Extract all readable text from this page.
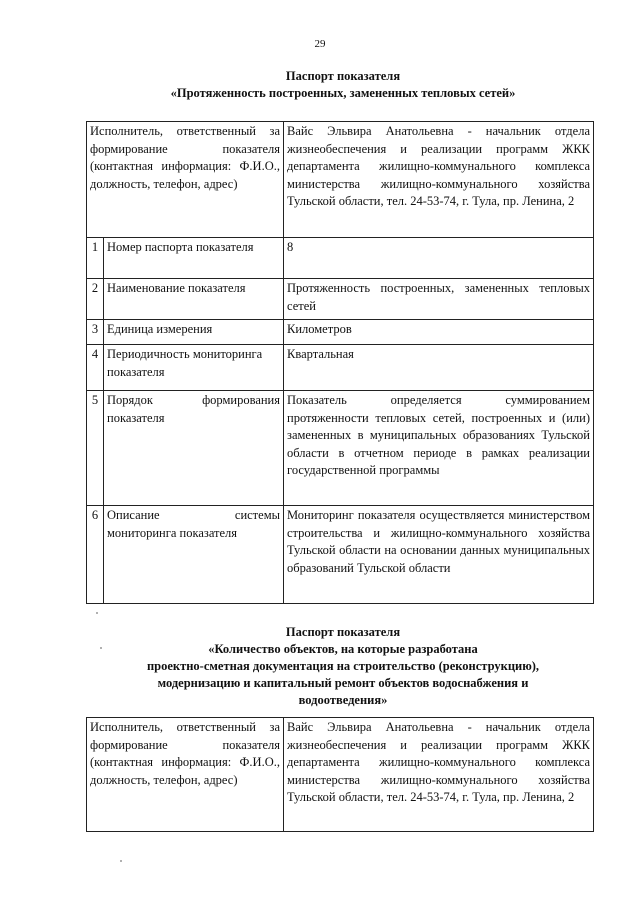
29
Паспорт показателя
«Протяженность построенных, замененных тепловых сетей»
Исполнитель, ответственный за формирование показателя (контактная информация: Ф.И.О., должность, телефон, адрес)		Вайс Эльвира Анатольевна - начальник отдела жизнеобеспечения и реализации программ ЖКК департамента жилищно-коммунального комплекса министерства жилищно-коммунального хозяйства Тульской области, тел. 24-53-74, г. Тула, пр. Ленина, 2
1	Номер паспорта показателя	8
2	Наименование показателя	Протяженность построенных, замененных тепловых сетей
3	Единица измерения	Километров
4	Периодичность мониторинга показателя	Квартальная
5	Порядок формирования показателя	Показатель определяется суммированием протяженности тепловых сетей, построенных и (или) замененных в муниципальных образованиях Тульской области в отчетном периоде в рамках реализации государственной программы
6	Описание системы мониторинга показателя	Мониторинг показателя осуществляется министерством строительства и жилищно-коммунального хозяйства Тульской области на основании данных муниципальных образований Тульской области
Паспорт показателя
«Количество объектов, на которые разработана
проектно-сметная документация на строительство (реконструкцию),
модернизацию и капитальный ремонт объектов водоснабжения и
водоотведения»
Исполнитель, ответственный за формирование показателя (контактная информация: Ф.И.О., должность, телефон, адрес)	Вайс Эльвира Анатольевна - начальник отдела жизнеобеспечения и реализации программ ЖКК департамента жилищно-коммунального комплекса министерства жилищно-коммунального хозяйства Тульской области, тел. 24-53-74, г. Тула, пр. Ленина, 2
